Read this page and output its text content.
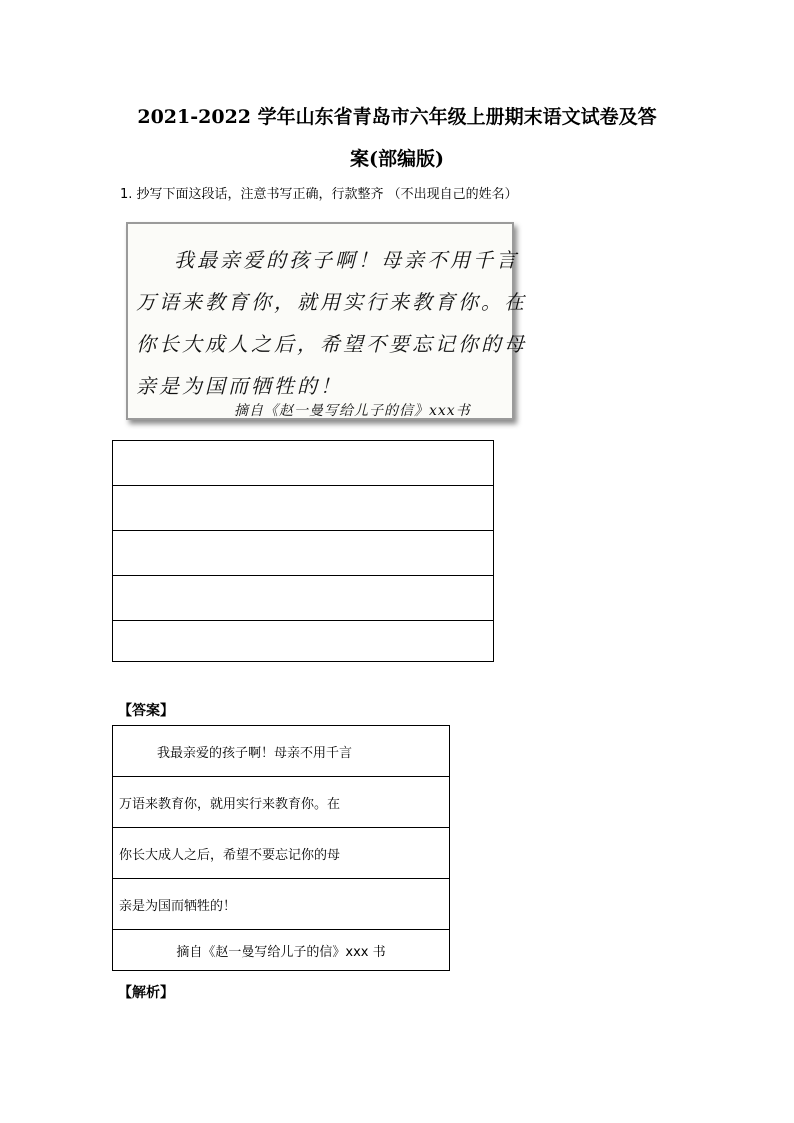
2021-2022 学年山东省青岛市六年级上册期末语文试卷及答
案(部编版)
1. 抄写下面这段话，注意书写正确，行款整齐 （不出现自己的姓名）
我最亲爱的孩子啊！母亲不用千言
万语来教育你，就用实行来教育你。在
你长大成人之后，希望不要忘记你的母
亲是为国而牺牲的！
摘自《赵一曼写给儿子的信》xxx书

【答案】
我最亲爱的孩子啊！母亲不用千言
万语来教育你，就用实行来教育你。在
你长大成人之后，希望不要忘记你的母
亲是为国而牺牲的！
摘自《赵一曼写给儿子的信》xxx 书
【解析】
